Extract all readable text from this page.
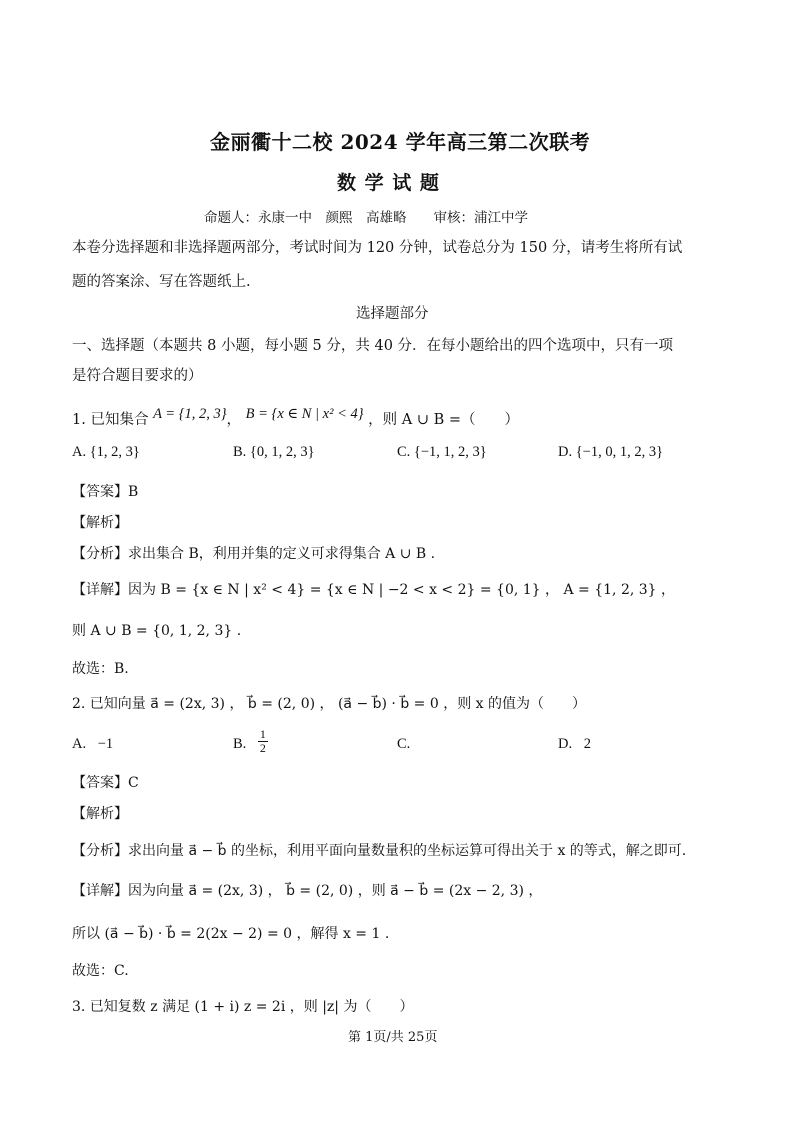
金丽衢十二校 2024 学年高三第二次联考
数 学 试 题
命题人：永康一中　颜熙　高雄略　　审核：浦江中学
本卷分选择题和非选择题两部分，考试时间为 120 分钟，试卷总分为 150 分，请考生将所有试
题的答案涂、写在答题纸上.
选择题部分
一、选择题（本题共 8 小题，每小题 5 分，共 40 分．在每小题给出的四个选项中，只有一项
是符合题目要求的）
1. 已知集合 A = {1, 2, 3}， B = {x ∈ N | x² < 4} ，则 A ∪ B =（　　）
A. {1, 2, 3}	B. {0, 1, 2, 3}	C. {−1, 1, 2, 3}	D. {−1, 0, 1, 2, 3}
【答案】B
【解析】
【分析】求出集合 B，利用并集的定义可求得集合 A ∪ B .
【详解】因为 B = {x ∈ N | x² < 4} = {x ∈ N | −2 < x < 2} = {0, 1} ， A = {1, 2, 3} ，
则 A ∪ B = {0, 1, 2, 3} .
故选：B.
2. 已知向量 a⃗ = (2x, 3) ， b⃗ = (2, 0) ， (a⃗ − b⃗) · b⃗ = 0 ，则 x 的值为（　　）
A. −1	B. $\frac{1}{2}$	C.	D. 2
【答案】C
【解析】
【分析】求出向量 a⃗ − b⃗ 的坐标，利用平面向量数量积的坐标运算可得出关于 x 的等式，解之即可.
【详解】因为向量 a⃗ = (2x, 3) ， b⃗ = (2, 0) ，则 a⃗ − b⃗ = (2x − 2, 3) ，
所以 (a⃗ − b⃗) · b⃗ = 2(2x − 2) = 0 ，解得 x = 1 .
故选：C.
3. 已知复数 z 满足 (1 + i) z = 2i ，则 |z| 为（　　）
第 1页/共 25页
